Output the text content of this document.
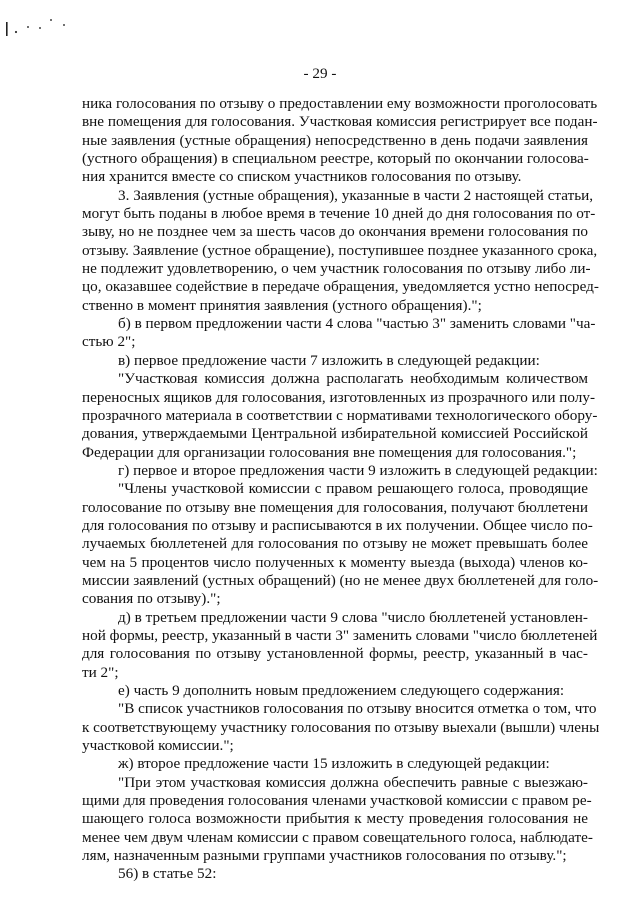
- 29 -
ника голосования по отзыву о предоставлении ему возможности проголосовать
вне помещения для голосования. Участковая комиссия регистрирует все подан-
ные заявления (устные обращения) непосредственно в день подачи заявления
(устного обращения) в специальном реестре, который по окончании голосова-
ния хранится вместе со списком участников голосования по отзыву.
3. Заявления (устные обращения), указанные в части 2 настоящей статьи,
могут быть поданы в любое время в течение 10 дней до дня голосования по от-
зыву, но не позднее чем за шесть часов до окончания времени голосования по
отзыву. Заявление (устное обращение), поступившее позднее указанного срока,
не подлежит удовлетворению, о чем участник голосования по отзыву либо ли-
цо, оказавшее содействие в передаче обращения, уведомляется устно непосред-
ственно в момент принятия заявления (устного обращения).";
б) в первом предложении части 4 слова "частью 3" заменить словами "ча-
стью 2";
в) первое предложение части 7 изложить в следующей редакции:
"Участковая комиссия должна располагать необходимым количеством
переносных ящиков для голосования, изготовленных из прозрачного или полу-
прозрачного материала в соответствии с нормативами технологического обору-
дования, утверждаемыми Центральной избирательной комиссией Российской
Федерации для организации голосования вне помещения для голосования.";
г) первое и второе предложения части 9 изложить в следующей редакции:
"Члены участковой комиссии с правом решающего голоса, проводящие
голосование по отзыву вне помещения для голосования, получают бюллетени
для голосования по отзыву и расписываются в их получении. Общее число по-
лучаемых бюллетеней для голосования по отзыву не может превышать более
чем на 5 процентов число полученных к моменту выезда (выхода) членов ко-
миссии заявлений (устных обращений) (но не менее двух бюллетеней для голо-
сования по отзыву).";
д) в третьем предложении части 9 слова "число бюллетеней установлен-
ной формы, реестр, указанный в части 3" заменить словами "число бюллетеней
для голосования по отзыву установленной формы, реестр, указанный в час-
ти 2";
е) часть 9 дополнить новым предложением следующего содержания:
"В список участников голосования по отзыву вносится отметка о том, что
к соответствующему участнику голосования по отзыву выехали (вышли) члены
участковой комиссии.";
ж) второе предложение части 15 изложить в следующей редакции:
"При этом участковая комиссия должна обеспечить равные с выезжаю-
щими для проведения голосования членами участковой комиссии с правом ре-
шающего голоса возможности прибытия к месту проведения голосования не
менее чем двум членам комиссии с правом совещательного голоса, наблюдате-
лям, назначенным разными группами участников голосования по отзыву.";
56) в статье 52:
